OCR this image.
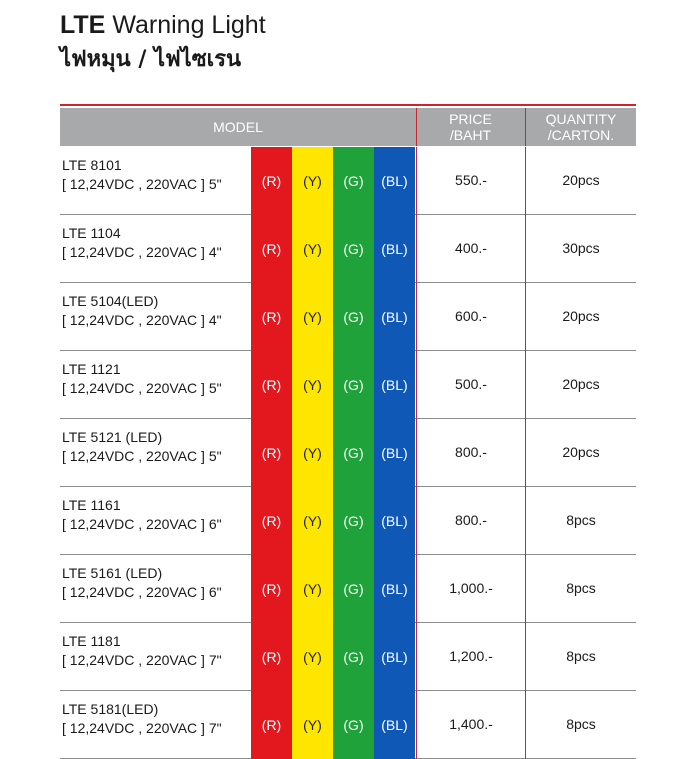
LTE Warning Light
ไฟหมุน / ไฟไซเรน
MODEL	PRICE
/BAHT
QUANTITY
/CARTON.
LTE 8101
[ 12,24VDC , 220VAC ] 5"	(R)	(Y)	(G)	(BL)	550.-	20pcs
LTE 1104
[ 12,24VDC , 220VAC ] 4"	(R)	(Y)	(G)	(BL)	400.-	30pcs
LTE 5104(LED)
[ 12,24VDC , 220VAC ] 4"	(R)	(Y)	(G)	(BL)	600.-	20pcs
LTE 1121
[ 12,24VDC , 220VAC ] 5"	(R)	(Y)	(G)	(BL)	500.-	20pcs
LTE 5121 (LED)
[ 12,24VDC , 220VAC ] 5"	(R)	(Y)	(G)	(BL)	800.-	20pcs
LTE 1161
[ 12,24VDC , 220VAC ] 6"	(R)	(Y)	(G)	(BL)	800.-	8pcs
LTE 5161 (LED)
[ 12,24VDC , 220VAC ] 6"	(R)	(Y)	(G)	(BL)	1,000.-	8pcs
LTE 1181
[ 12,24VDC , 220VAC ] 7"	(R)	(Y)	(G)	(BL)	1,200.-	8pcs
LTE 5181(LED)
[ 12,24VDC , 220VAC ] 7"	(R)	(Y)	(G)	(BL)	1,400.-	8pcs
